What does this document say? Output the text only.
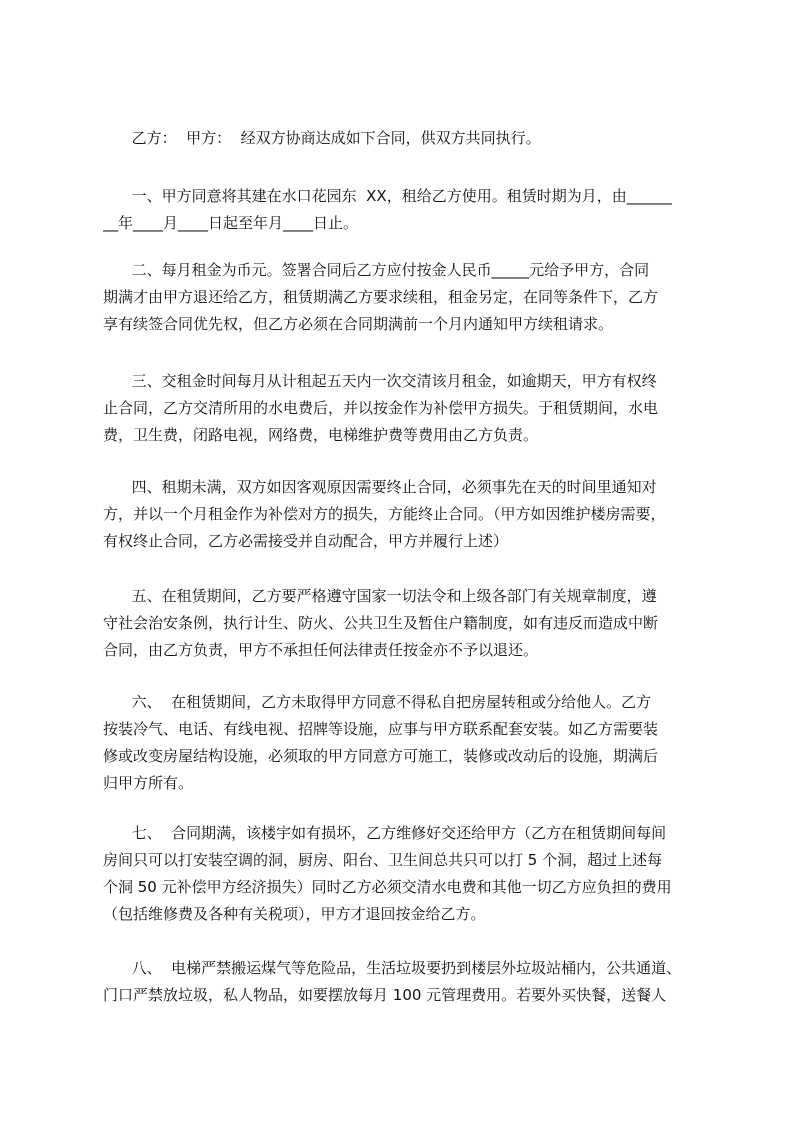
乙方：  甲方：  经双方协商达成如下合同，供双方共同执行。
一、甲方同意将其建在水口花园东  XX，租给乙方使用。租赁时期为月，由______
__年____月____日起至年月____日止。
二、每月租金为币元。签署合同后乙方应付按金人民币_____元给予甲方，合同
期满才由甲方退还给乙方，租赁期满乙方要求续租，租金另定，在同等条件下，乙方
享有续签合同优先权，但乙方必须在合同期满前一个月内通知甲方续租请求。
三、交租金时间每月从计租起五天内一次交清该月租金，如逾期天，甲方有权终
止合同，乙方交清所用的水电费后，并以按金作为补偿甲方损失。于租赁期间，水电
费，卫生费，闭路电视，网络费，电梯维护费等费用由乙方负责。
四、租期未满，双方如因客观原因需要终止合同，必须事先在天的时间里通知对
方，并以一个月租金作为补偿对方的损失，方能终止合同。（甲方如因维护楼房需要，
有权终止合同，乙方必需接受并自动配合，甲方并履行上述）
五、在租赁期间，乙方要严格遵守国家一切法令和上级各部门有关规章制度，遵
守社会治安条例，执行计生、防火、公共卫生及暂住户籍制度，如有违反而造成中断
合同，由乙方负责，甲方不承担任何法律责任按金亦不予以退还。
六、  在租赁期间，乙方未取得甲方同意不得私自把房屋转租或分给他人。乙方
按装冷气、电话、有线电视、招牌等设施，应事与甲方联系配套安装。如乙方需要装
修或改变房屋结构设施，必须取的甲方同意方可施工，装修或改动后的设施，期满后
归甲方所有。
七、  合同期满，该楼宇如有损坏，乙方维修好交还给甲方（乙方在租赁期间每间
房间只可以打安装空调的洞，厨房、阳台、卫生间总共只可以打 5 个洞，超过上述每
个洞 50 元补偿甲方经济损失）同时乙方必须交清水电费和其他一切乙方应负担的费用
（包括维修费及各种有关税项），甲方才退回按金给乙方。
八、  电梯严禁搬运煤气等危险品，生活垃圾要扔到楼层外垃圾站桶内，公共通道、
门口严禁放垃圾，私人物品，如要摆放每月 100 元管理费用。若要外买快餐，送餐人
